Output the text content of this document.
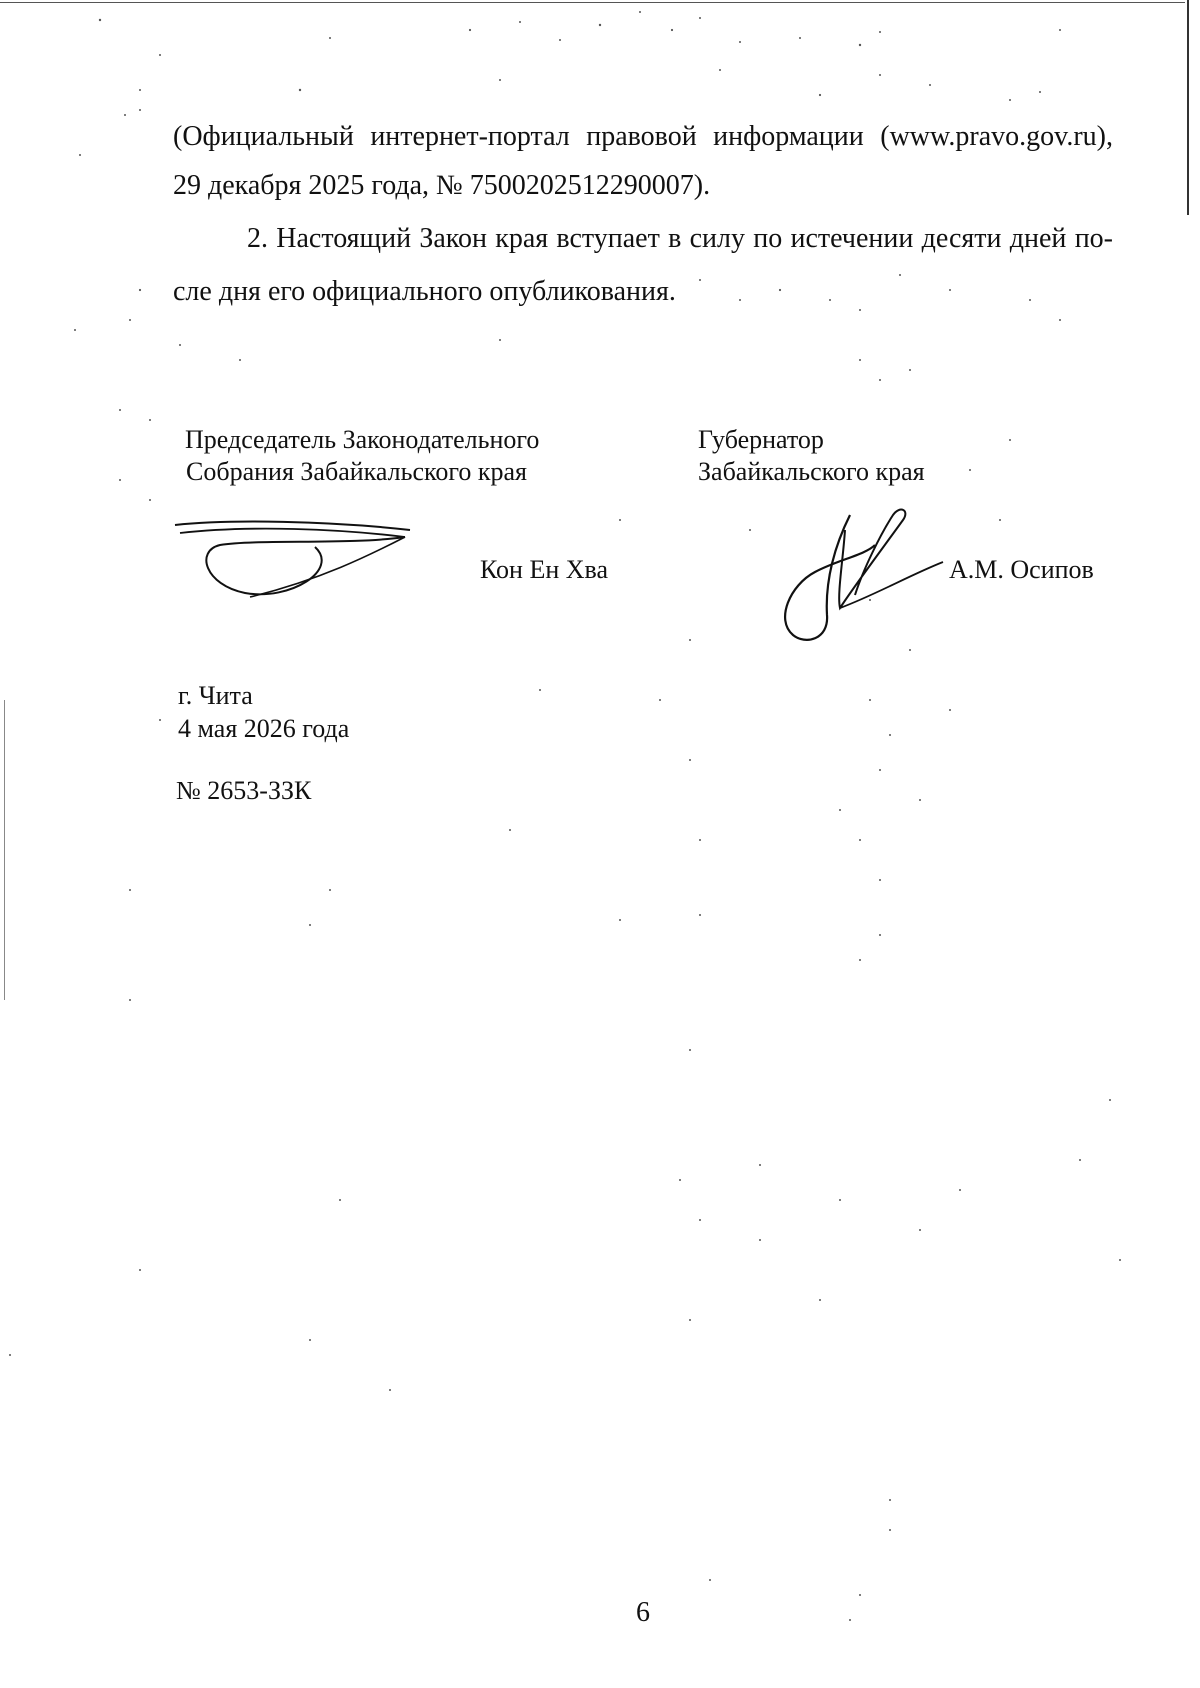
(Официальный интернет-портал правовой информации (www.pravo.gov.ru),
29 декабря 2025 года, № 7500202512290007).
2. Настоящий Закон края вступает в силу по истечении десяти дней по-
сле дня его официального опубликования.
Председатель Законодательного
Собрания Забайкальского края
Губернатор
Забайкальского края
Кон Ен Хва	А.М. Осипов
г. Чита
4 мая 2026 года
№ 2653-ЗЗК
6
